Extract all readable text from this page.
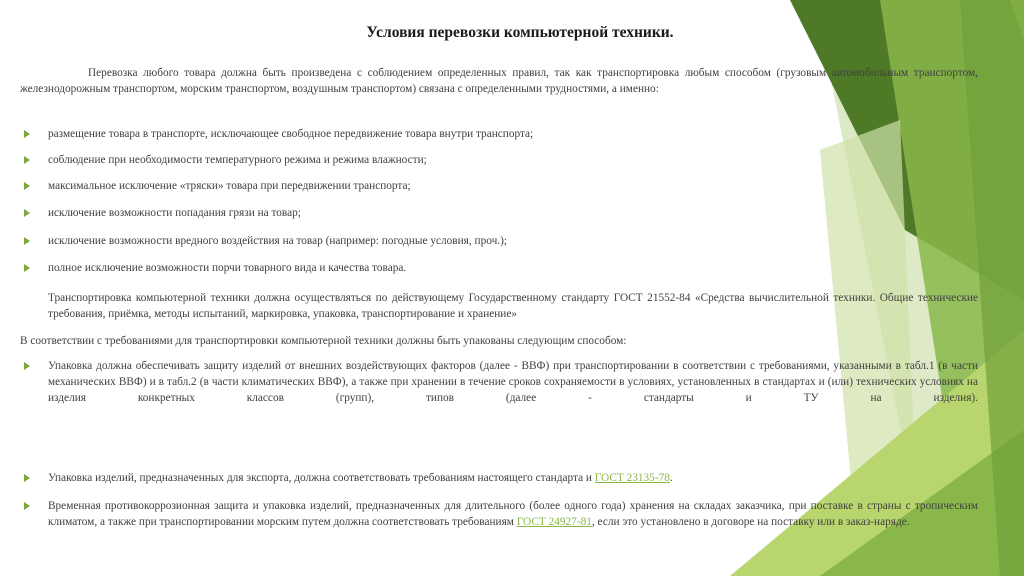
Условия перевозки компьютерной техники.
Перевозка любого товара должна быть произведена с соблюдением определенных правил, так как транспортировка любым способом (грузовым автомобильным транспортом, железнодорожным транспортом, морским транспортом, воздушным транспортом) связана с определенными трудностями, а именно:
размещение товара в транспорте, исключающее свободное передвижение товара внутри транспорта;
соблюдение при необходимости температурного режима и режима влажности;
максимальное исключение «тряски» товара при передвижении транспорта;
исключение возможности попадания грязи на товар;
исключение возможности вредного воздействия на товар (например: погодные условия, проч.);
полное исключение возможности порчи товарного вида и качества товара.
Транспортировка компьютерной техники должна осуществляться по действующему Государственному стандарту ГОСТ 21552-84 «Средства вычислительной техники. Общие технические требования, приёмка, методы испытаний, маркировка, упаковка, транспортирование и хранение»
В соответствии с требованиями для транспортировки компьютерной техники должны быть упакованы следующим способом:
Упаковка должна обеспечивать защиту изделий от внешних воздействующих факторов (далее - ВВФ) при транспортировании в соответствии с требованиями, указанными в табл.1 (в части механических ВВФ) и в табл.2 (в части климатических ВВФ), а также при хранении в течение сроков сохраняемости в условиях, установленных в стандартах и (или) технических условиях на изделия конкретных классов (групп), типов (далее - стандарты и ТУ на изделия).
Упаковка изделий, предназначенных для экспорта, должна соответствовать требованиям настоящего стандарта и ГОСТ 23135-78.
Временная противокоррозионная защита и упаковка изделий, предназначенных для длительного (более одного года) хранения на складах заказчика, при поставке в страны с тропическим климатом, а также при транспортировании морским путем должна соответствовать требованиям ГОСТ 24927-81, если это установлено в договоре на поставку или в заказ-наряде.
